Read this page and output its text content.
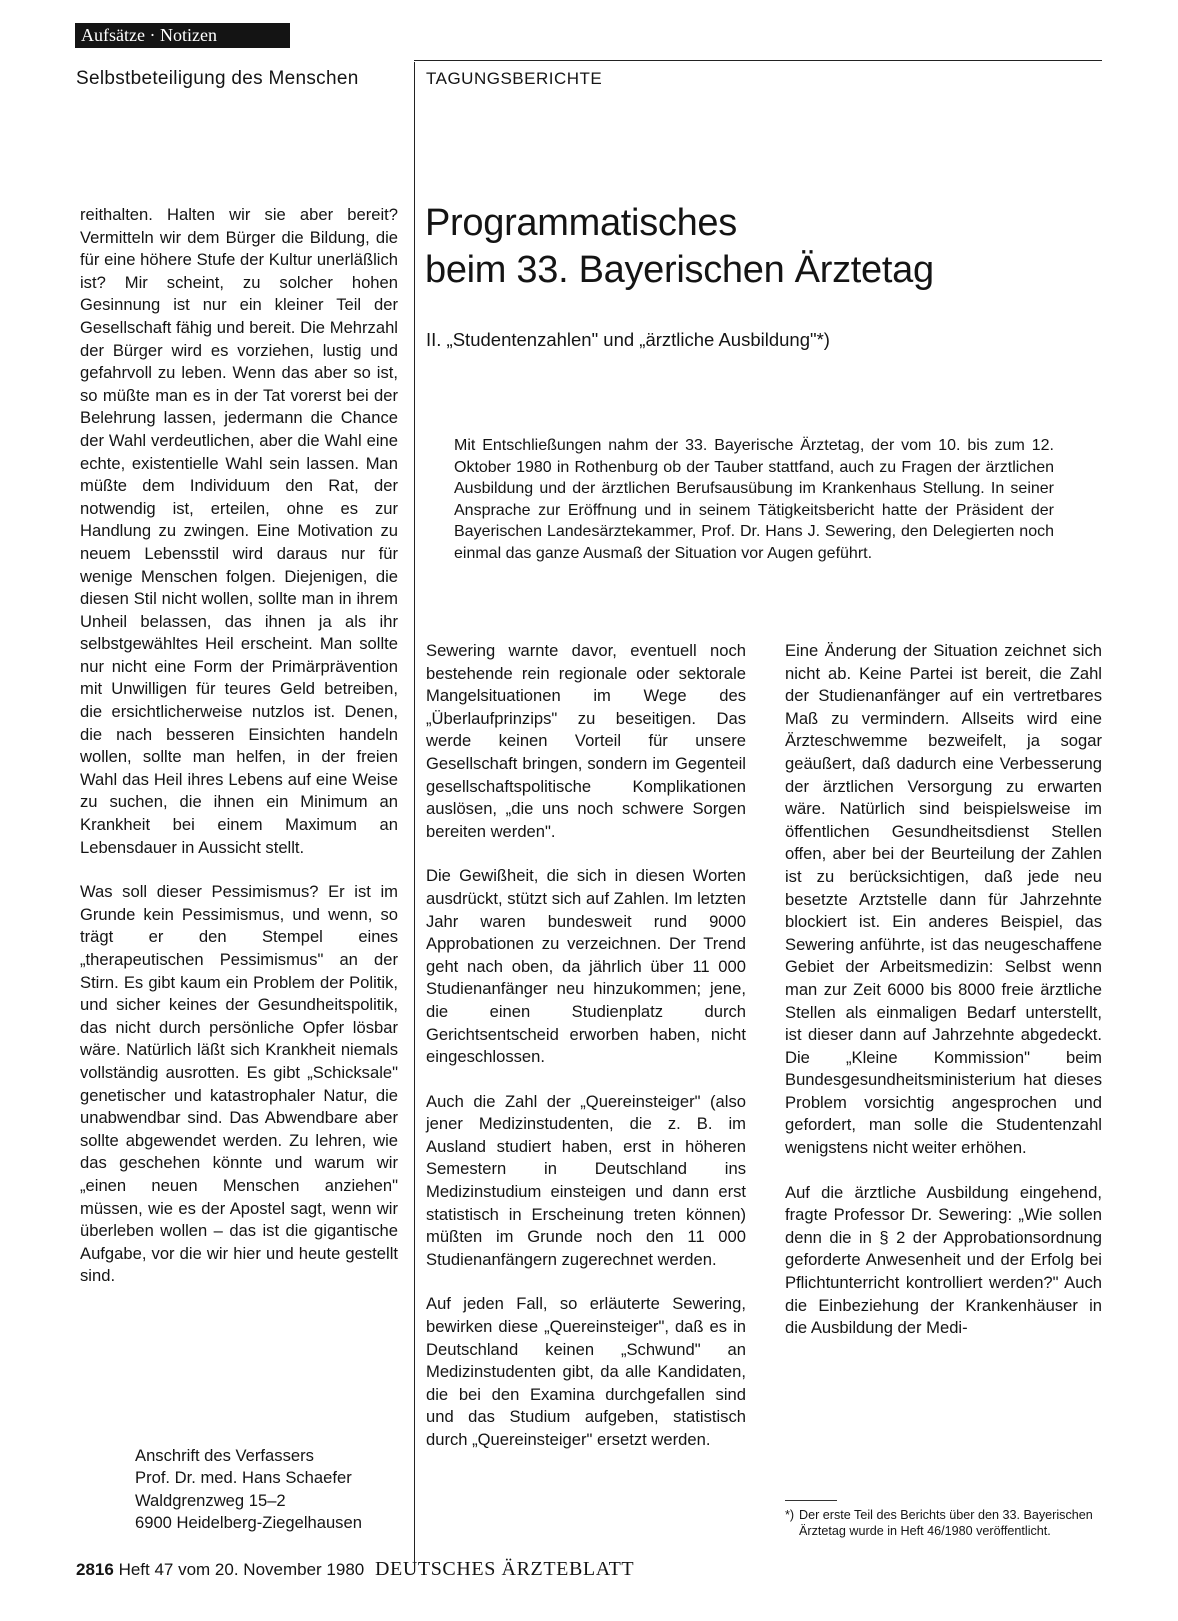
Aufsätze · Notizen
Selbstbeteiligung des Menschen	TAGUNGSBERICHTE

reithalten. Halten wir sie aber bereit? Vermitteln wir dem Bürger die Bildung, die für eine höhere Stufe der Kultur unerläßlich ist? Mir scheint, zu solcher hohen Gesinnung ist nur ein kleiner Teil der Gesellschaft fähig und bereit. Die Mehrzahl der Bürger wird es vorziehen, lustig und gefahrvoll zu leben. Wenn das aber so ist, so müßte man es in der Tat vorerst bei der Belehrung lassen, jedermann die Chance der Wahl verdeutlichen, aber die Wahl eine echte, existentielle Wahl sein lassen. Man müßte dem Individuum den Rat, der notwendig ist, erteilen, ohne es zur Handlung zu zwingen. Eine Motivation zu neuem Lebensstil wird daraus nur für wenige Menschen folgen. Diejenigen, die diesen Stil nicht wollen, sollte man in ihrem Unheil belassen, das ihnen ja als ihr selbstgewähltes Heil erscheint. Man sollte nur nicht eine Form der Primärprävention mit Unwilligen für teures Geld betreiben, die ersichtlicherweise nutzlos ist. Denen, die nach besseren Einsichten handeln wollen, sollte man helfen, in der freien Wahl das Heil ihres Lebens auf eine Weise zu suchen, die ihnen ein Minimum an Krankheit bei einem Maximum an Lebensdauer in Aussicht stellt.

Was soll dieser Pessimismus? Er ist im Grunde kein Pessimismus, und wenn, so trägt er den Stempel eines „therapeutischen Pessimismus" an der Stirn. Es gibt kaum ein Problem der Politik, und sicher keines der Gesundheitspolitik, das nicht durch persönliche Opfer lösbar wäre. Natürlich läßt sich Krankheit niemals vollständig ausrotten. Es gibt „Schicksale" genetischer und katastrophaler Natur, die unabwendbar sind. Das Abwendbare aber sollte abgewendet werden. Zu lehren, wie das geschehen könnte und warum wir „einen neuen Menschen anziehen" müssen, wie es der Apostel sagt, wenn wir überleben wollen – das ist die gigantische Aufgabe, vor die wir hier und heute gestellt sind.

Anschrift des Verfassers
Prof. Dr. med. Hans Schaefer
Waldgrenzweg 15–2
6900 Heidelberg-Ziegelhausen
Programmatisches
beim 33. Bayerischen Ärztetag
II. „Studentenzahlen" und „ärztliche Ausbildung"*)
Mit Entschließungen nahm der 33. Bayerische Ärztetag, der vom 10. bis zum 12. Oktober 1980 in Rothenburg ob der Tauber stattfand, auch zu Fragen der ärztlichen Ausbildung und der ärztlichen Berufsausübung im Krankenhaus Stellung. In seiner Ansprache zur Eröffnung und in seinem Tätigkeitsbericht hatte der Präsident der Bayerischen Landesärztekammer, Prof. Dr. Hans J. Sewering, den Delegierten noch einmal das ganze Ausmaß der Situation vor Augen geführt.

Sewering warnte davor, eventuell noch bestehende rein regionale oder sektorale Mangelsituationen im Wege des „Überlaufprinzips" zu beseitigen. Das werde keinen Vorteil für unsere Gesellschaft bringen, sondern im Gegenteil gesellschaftspolitische Komplikationen auslösen, „die uns noch schwere Sorgen bereiten werden".

Die Gewißheit, die sich in diesen Worten ausdrückt, stützt sich auf Zahlen. Im letzten Jahr waren bundesweit rund 9000 Approbationen zu verzeichnen. Der Trend geht nach oben, da jährlich über 11 000 Studienanfänger neu hinzukommen; jene, die einen Studienplatz durch Gerichtsentscheid erworben haben, nicht eingeschlossen.

Auch die Zahl der „Quereinsteiger" (also jener Medizinstudenten, die z. B. im Ausland studiert haben, erst in höheren Semestern in Deutschland ins Medizinstudium einsteigen und dann erst statistisch in Erscheinung treten können) müßten im Grunde noch den 11 000 Studienanfängern zugerechnet werden.

Auf jeden Fall, so erläuterte Sewering, bewirken diese „Quereinsteiger", daß es in Deutschland keinen „Schwund" an Medizinstudenten gibt, da alle Kandidaten, die bei den Examina durchgefallen sind und das Studium aufgeben, statistisch durch „Quereinsteiger" ersetzt werden.

Eine Änderung der Situation zeichnet sich nicht ab. Keine Partei ist bereit, die Zahl der Studienanfänger auf ein vertretbares Maß zu vermindern. Allseits wird eine Ärzteschwemme bezweifelt, ja sogar geäußert, daß dadurch eine Verbesserung der ärztlichen Versorgung zu erwarten wäre. Natürlich sind beispielsweise im öffentlichen Gesundheitsdienst Stellen offen, aber bei der Beurteilung der Zahlen ist zu berücksichtigen, daß jede neu besetzte Arztstelle dann für Jahrzehnte blockiert ist. Ein anderes Beispiel, das Sewering anführte, ist das neugeschaffene Gebiet der Arbeitsmedizin: Selbst wenn man zur Zeit 6000 bis 8000 freie ärztliche Stellen als einmaligen Bedarf unterstellt, ist dieser dann auf Jahrzehnte abgedeckt. Die „Kleine Kommission" beim Bundesgesundheitsministerium hat dieses Problem vorsichtig angesprochen und gefordert, man solle die Studentenzahl wenigstens nicht weiter erhöhen.

Auf die ärztliche Ausbildung eingehend, fragte Professor Dr. Sewering: „Wie sollen denn die in § 2 der Approbationsordnung geforderte Anwesenheit und der Erfolg bei Pflichtunterricht kontrolliert werden?" Auch die Einbeziehung der Krankenhäuser in die Ausbildung der Medi-

*) Der erste Teil des Berichts über den 33. Bayerischen Ärztetag wurde in Heft 46/1980 veröffentlicht.
2816 Heft 47 vom 20. November 1980 DEUTSCHES ÄRZTEBLATT
